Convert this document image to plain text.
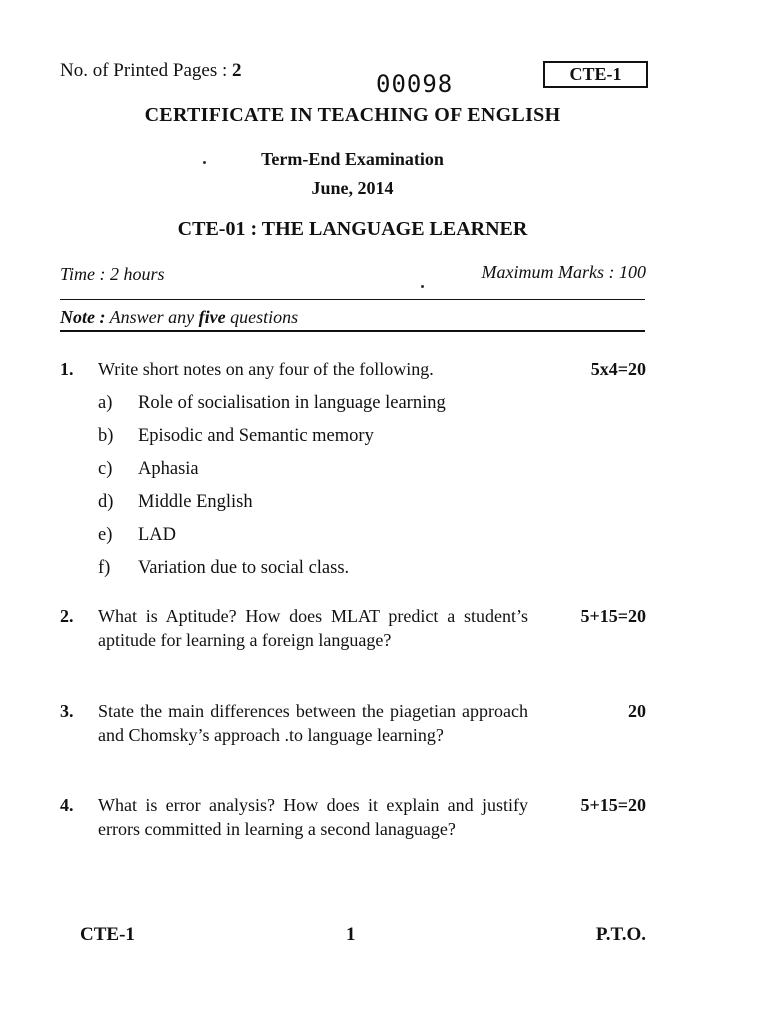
No. of Printed Pages : 2	00098	CTE-1
CERTIFICATE IN TEACHING OF ENGLISH
Term-End Examination
June, 2014
CTE-01 : THE LANGUAGE LEARNER
Time : 2 hours	Maximum Marks : 100
Note : Answer any five questions
1. Write short notes on any four of the following.	5x4=20
a) Role of socialisation in language learning
b) Episodic and Semantic memory
c) Aphasia
d) Middle English
e) LAD
f) Variation due to social class.
2. What is Aptitude? How does MLAT predict a student’s aptitude for learning a foreign language?
5+15=20
3. State the main differences between the piagetian approach and Chomsky’s approach .to language learning?
20
4. What is error analysis? How does it explain and justify errors committed in learning a second lanaguage?
5+15=20
CTE-1	1	P.T.O.
